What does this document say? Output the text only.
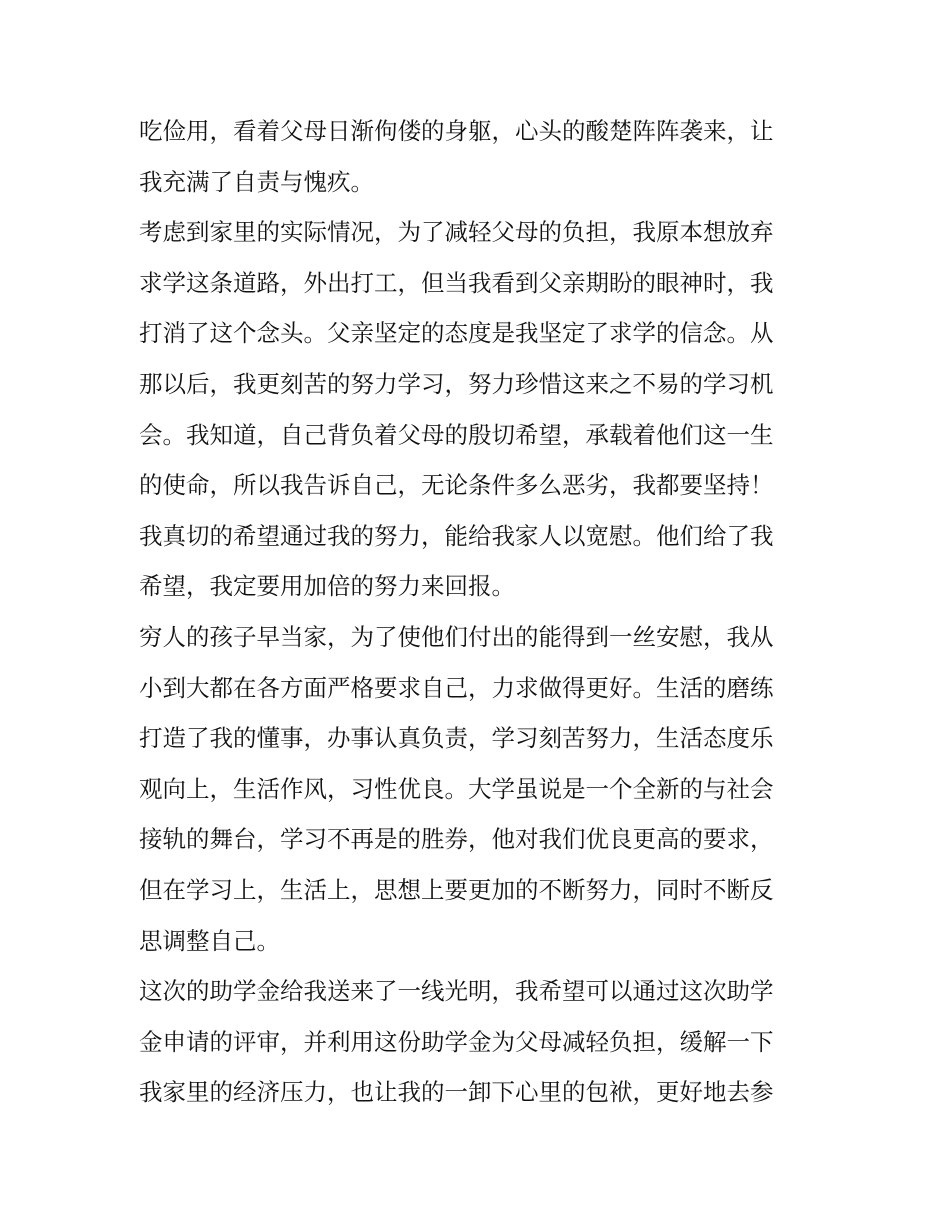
吃俭用，看着父母日渐佝偻的身躯，心头的酸楚阵阵袭来，让
我充满了自责与愧疚。
考虑到家里的实际情况，为了减轻父母的负担，我原本想放弃
求学这条道路，外出打工，但当我看到父亲期盼的眼神时，我
打消了这个念头。父亲坚定的态度是我坚定了求学的信念。从
那以后，我更刻苦的努力学习，努力珍惜这来之不易的学习机
会。我知道，自己背负着父母的殷切希望，承载着他们这一生
的使命，所以我告诉自己，无论条件多么恶劣，我都要坚持！
我真切的希望通过我的努力，能给我家人以宽慰。他们给了我
希望，我定要用加倍的努力来回报。
穷人的孩子早当家，为了使他们付出的能得到一丝安慰，我从
小到大都在各方面严格要求自己，力求做得更好。生活的磨练
打造了我的懂事，办事认真负责，学习刻苦努力，生活态度乐
观向上，生活作风，习性优良。大学虽说是一个全新的与社会
接轨的舞台，学习不再是的胜券，他对我们优良更高的要求，
但在学习上，生活上，思想上要更加的不断努力，同时不断反
思调整自己。
这次的助学金给我送来了一线光明，我希望可以通过这次助学
金申请的评审，并利用这份助学金为父母减轻负担，缓解一下
我家里的经济压力，也让我的一卸下心里的包袱，更好地去参
